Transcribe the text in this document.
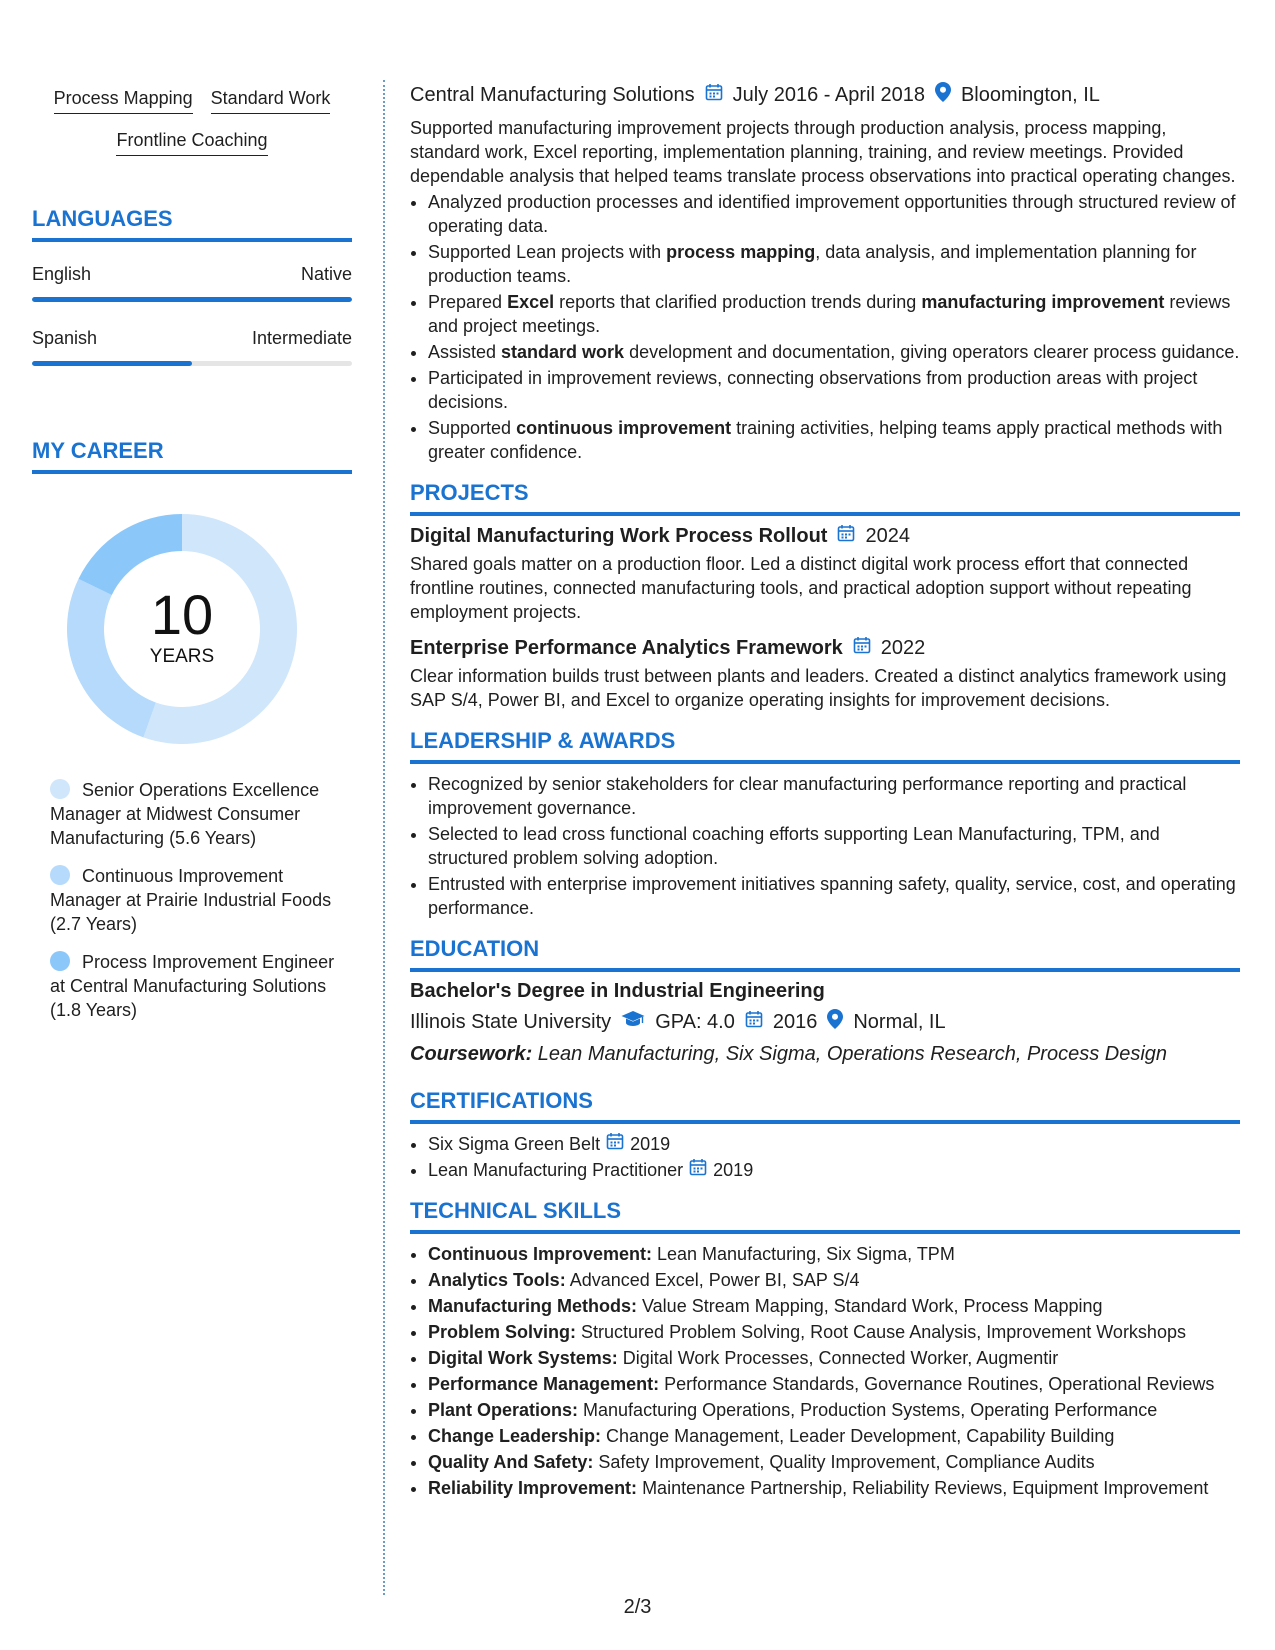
Process Mapping Standard Work
Frontline Coaching
LANGUAGES
English	Native
Spanish	Intermediate
MY CAREER
10
YEARS
Senior Operations Excellence Manager at Midwest Consumer Manufacturing (5.6 Years)
Continuous Improvement Manager at Prairie Industrial Foods (2.7 Years)
Process Improvement Engineer at Central Manufacturing Solutions (1.8 Years)
Central Manufacturing Solutions July 2016 - April 2018 Bloomington, IL

Supported manufacturing improvement projects through production analysis, process mapping, standard work, Excel reporting, implementation planning, training, and review meetings. Provided dependable analysis that helped teams translate process observations into practical operating changes.

• Analyzed production processes and identified improvement opportunities through structured review of operating data.
• Supported Lean projects with process mapping, data analysis, and implementation planning for production teams.
• Prepared Excel reports that clarified production trends during manufacturing improvement reviews and project meetings.
• Assisted standard work development and documentation, giving operators clearer process guidance.
• Participated in improvement reviews, connecting observations from production areas with project decisions.
• Supported continuous improvement training activities, helping teams apply practical methods with greater confidence.
PROJECTS
Digital Manufacturing Work Process Rollout 2024

Shared goals matter on a production floor. Led a distinct digital work process effort that connected frontline routines, connected manufacturing tools, and practical adoption support without repeating employment projects.

Enterprise Performance Analytics Framework 2022

Clear information builds trust between plants and leaders. Created a distinct analytics framework using SAP S/4, Power BI, and Excel to organize operating insights for improvement decisions.

LEADERSHIP & AWARDS
• Recognized by senior stakeholders for clear manufacturing performance reporting and practical improvement governance.
• Selected to lead cross functional coaching efforts supporting Lean Manufacturing, TPM, and structured problem solving adoption.
• Entrusted with enterprise improvement initiatives spanning safety, quality, service, cost, and operating performance.
EDUCATION
Bachelor's Degree in Industrial Engineering
Illinois State University GPA: 4.0 2016 Normal, IL
Coursework: Lean Manufacturing, Six Sigma, Operations Research, Process Design
CERTIFICATIONS
• Six Sigma Green Belt 2019
• Lean Manufacturing Practitioner 2019
TECHNICAL SKILLS
• Continuous Improvement: Lean Manufacturing, Six Sigma, TPM
• Analytics Tools: Advanced Excel, Power BI, SAP S/4
• Manufacturing Methods: Value Stream Mapping, Standard Work, Process Mapping
• Problem Solving: Structured Problem Solving, Root Cause Analysis, Improvement Workshops
• Digital Work Systems: Digital Work Processes, Connected Worker, Augmentir
• Performance Management: Performance Standards, Governance Routines, Operational Reviews
• Plant Operations: Manufacturing Operations, Production Systems, Operating Performance
• Change Leadership: Change Management, Leader Development, Capability Building
• Quality And Safety: Safety Improvement, Quality Improvement, Compliance Audits
• Reliability Improvement: Maintenance Partnership, Reliability Reviews, Equipment Improvement
2/3
